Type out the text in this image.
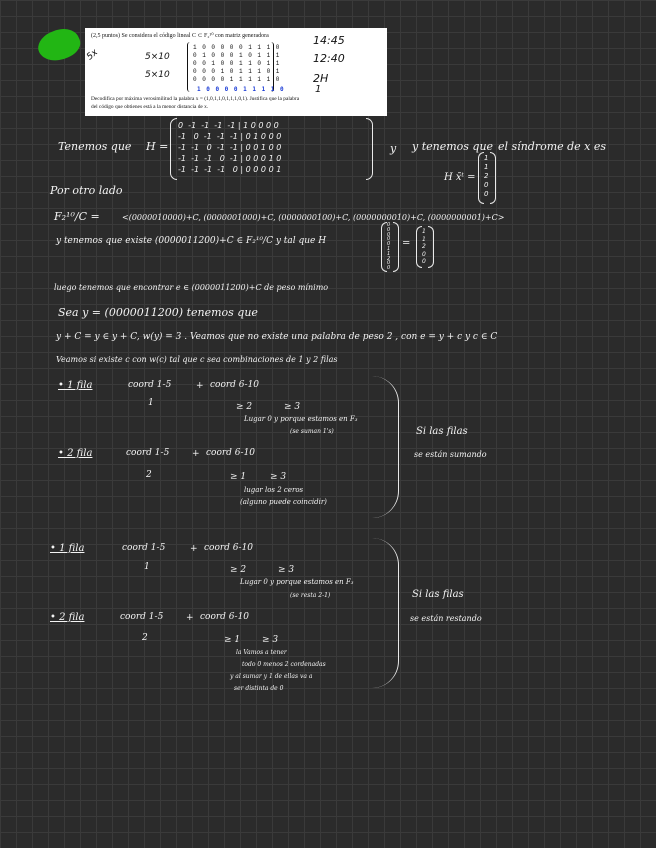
(2,5 puntos) Se considera el código lineal C ⊂ F₂¹⁰ con matriz generadora
5x	5×10
5×10
1 0 0 0 0 0 1 1 1 0
0 1 0 0 0 1 0 1 1 1
0 0 1 0 0 1 1 0 1 1
0 0 0 1 0 1 1 1 0 1
0 0 0 0 1 1 1 1 1 0
1 0 0 0 0 1 1 1 1 0
14:45
12:40
2H
1
Decodifica por máxima verosimilitud la palabra x = (1,0,1,1,0,1,1,1,0,1). Justifica que la palabra
del código que obtienes está a la menor distancia de x.
Tenemos que H =
0  -1  -1  -1  -1 | 1 0 0 0 0
-1   0  -1  -1  -1 | 0 1 0 0 0
-1  -1   0  -1  -1 | 0 0 1 0 0
-1  -1  -1   0  -1 | 0 0 0 1 0
-1  -1  -1  -1   0 | 0 0 0 0 1
y y tenemos que el síndrome de x es
H x̄ᵗ =
1
1
2
0
0
Por otro lado
F₂¹⁰/C =	<(0000010000)+C, (0000001000)+C, (0000000100)+C, (0000000010)+C, (0000000001)+C>
y tenemos que existe (0000011200)+C ∈ F₂¹⁰/C y tal que H
0
0
0
0
0
1
1
2
0
0
=
1
1
2
0
0
luego tenemos que encontrar e ∈ (0000011200)+C de peso mínimo
Sea y = (0000011200) tenemos que
y + C = y ∈ y + C, w(y) = 3 . Veamos que no existe una palabra de peso 2 , con e = y + c y c ∈ C
Veamos si existe c con w(c) tal que c sea combinaciones de 1 y 2 filas
• 1 fila	coord 1-5	+ coord 6-10
1	≥ 2	≥ 3
Lugar 0 y porque estamos en F₃
(se suman 1's)
• 2 fila	coord 1-5	+ coord 6-10
2	≥ 1	≥ 3
lugar los 2 ceros
(alguno puede coincidir)
Si las filas
se están sumando
• 1 fila	coord 1-5	+ coord 6-10
1	≥ 2	≥ 3
Lugar 0 y porque estamos en F₃
(se resta 2-1)
• 2 fila	coord 1-5	+ coord 6-10
2	≥ 1 ≥ 3
la Vamos a tener
todo 0 menos 2 cordenadas
y al sumar y 1 de ellas va a
ser distinta de 0
Si las filas
se están restando
